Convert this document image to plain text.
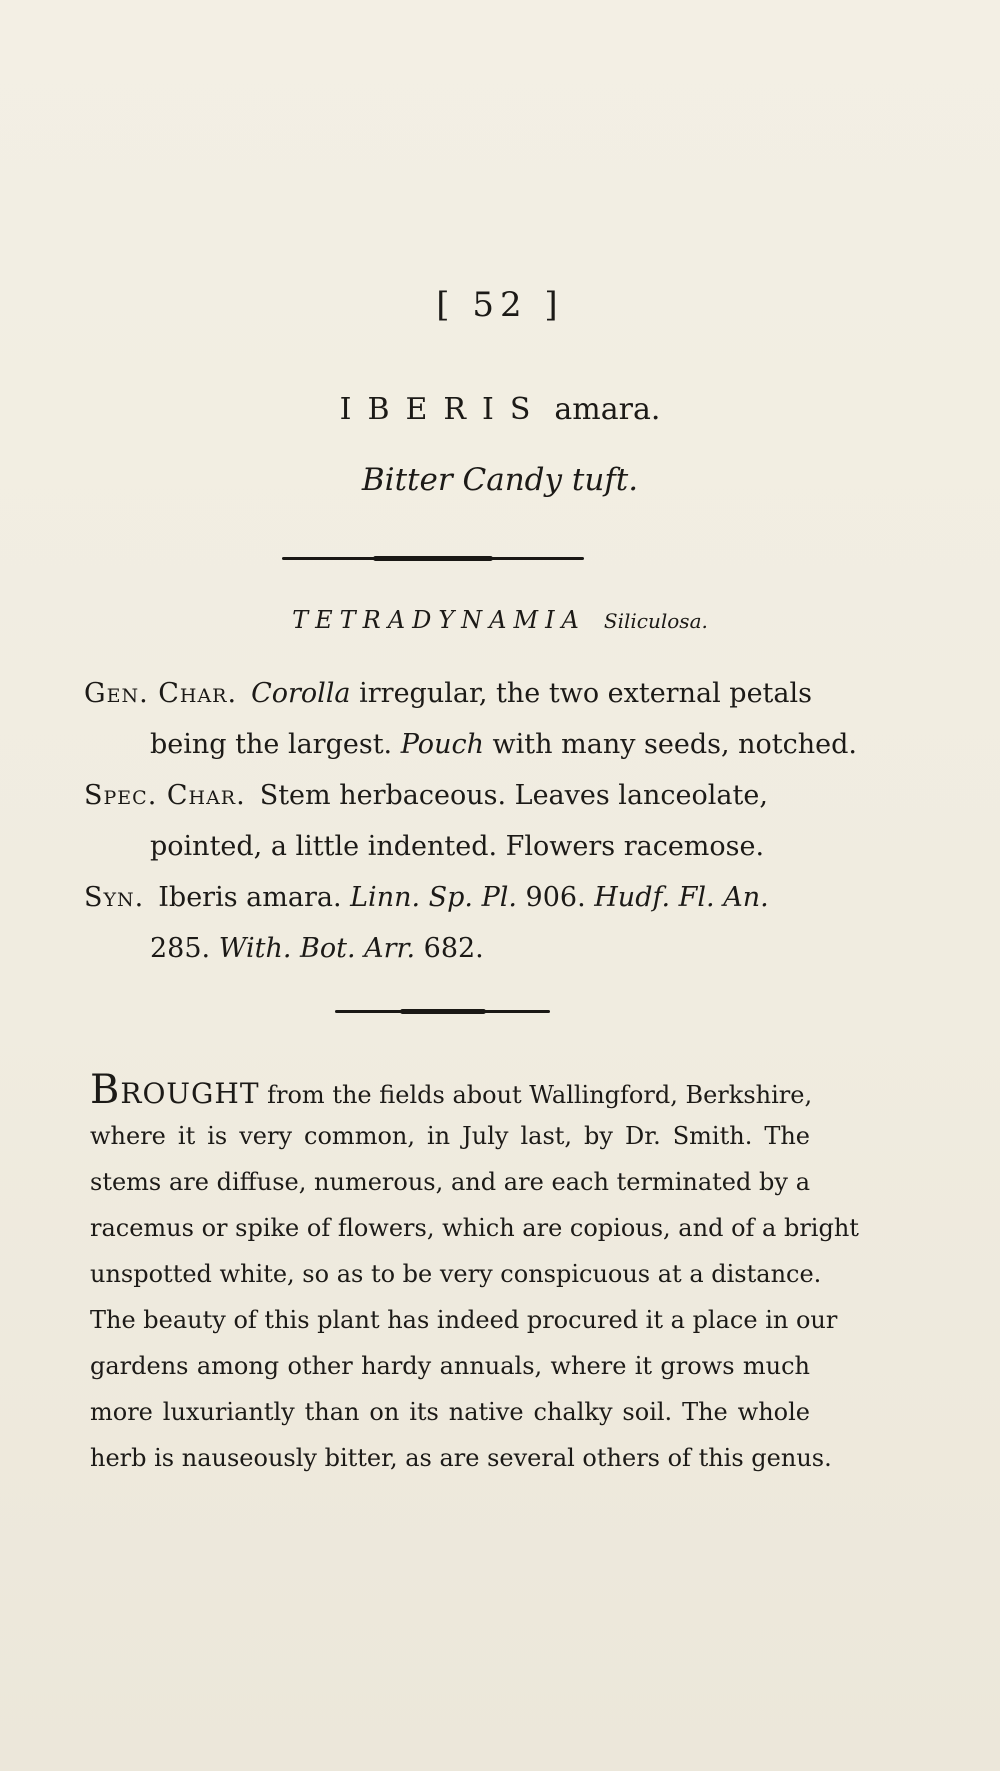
[ 52 ]
IBERIS amara.
Bitter Candy tuft.
TETRADYNAMIA Siliculosa.
Gen. Char. Corolla irregular, the two external petals
being the largest. Pouch with many seeds, notched.
Spec. Char. Stem herbaceous. Leaves lanceolate,
pointed, a little indented. Flowers racemose.
Syn. Iberis amara. Linn. Sp. Pl. 906. Hudf. Fl. An.
285. With. Bot. Arr. 682.
Brought from the fields about Wallingford, Berkshire,
where it is very common, in July last, by Dr. Smith. The
stems are diffuse, numerous, and are each terminated by a
racemus or spike of flowers, which are copious, and of a bright
unspotted white, so as to be very conspicuous at a distance.
The beauty of this plant has indeed procured it a place in our
gardens among other hardy annuals, where it grows much
more luxuriantly than on its native chalky soil. The whole
herb is nauseously bitter, as are several others of this genus.
